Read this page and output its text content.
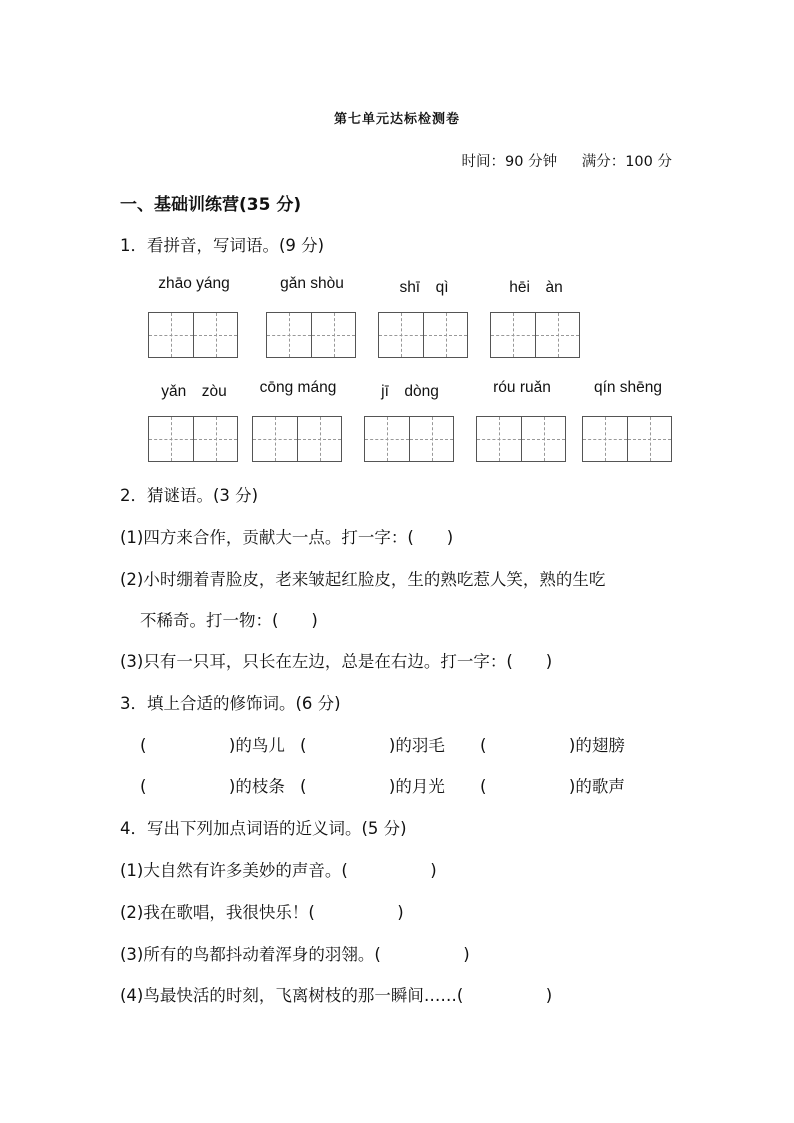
第七单元达标检测卷
时间：90 分钟 满分：100 分
一、基础训练营(35 分)
1．看拼音，写词语。(9 分)
zhāo yáng	gǎn shòu	shī　qì	hēi　àn
yǎn　zòu	cōng máng	jī　dòng	róu ruǎn	qín shēng
2．猜谜语。(3 分)
(1)四方来合作，贡献大一点。打一字：(　　)
(2)小时绷着青脸皮，老来皱起红脸皮，生的熟吃惹人笑，熟的生吃
不稀奇。打一物：(　　)
(3)只有一只耳，只长在左边，总是在右边。打一字：(　　)
3．填上合适的修饰词。(6 分)
(　　　　　)的鸟儿 (　　　　　)的羽毛 (　　　　　)的翅膀
(　　　　　)的枝条 (　　　　　)的月光 (　　　　　)的歌声
4．写出下列加点词语的近义词。(5 分)
(1)大自然有许多美妙的声音。(　　　　　)
(2)我在歌唱，我很快乐！(　　　　　)
(3)所有的鸟都抖动着浑身的羽翎。(　　　　　)
(4)鸟最快活的时刻，飞离树枝的那一瞬间……(　　　　　)
